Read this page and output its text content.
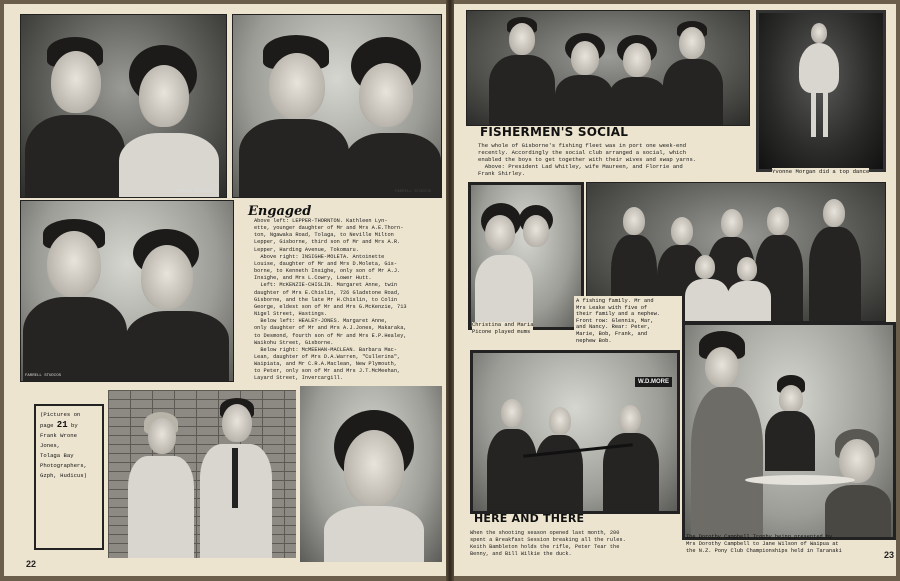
FARRELL STUDIOS	FARRELL STUDIOS
FARRELL STUDIOS
Engaged
Above left: LEPPER-THORNTON. Kathleen Lyn-
ette, younger daughter of Mr and Mrs A.E.Thorn-
ton, Ngawaka Road, Tolaga, to Neville Milton
Lepper, Gisborne, third son of Mr and Mrs A.R.
Lepper, Harding Avenue, Tokomaru.
Above right: INSIGHE-MOLETA. Antoinette
Louise, daughter of Mr and Mrs D.Moleta, Gis-
borne, to Kenneth Insighe, only son of Mr A.J.
Insighe, and Mrs L.Cowry, Lower Hutt.
Left: McKENZIE-CHISLIN. Margaret Anne, twin
daughter of Mrs E.Chislin, 726 Gladstone Road,
Gisborne, and the late Mr H.Chislin, to Colin
George, eldest son of Mr and Mrs G.McKenzie, 713
Nigel Street, Hastings.
Below left: HEALEY-JONES. Margaret Anne,
only daughter of Mr and Mrs A.J.Jones, Makaraka,
to Desmond, fourth son of Mr and Mrs E.P.Healey,
Waikohu Street, Gisborne.
Below right: McMEEHAN-MACLEAN. Barbara Mac-
Lean, daughter of Mrs D.A.Warren, "Cullerina",
Waipiata, and Mr C.R.A.Maclean, New Plymouth,
to Peter, only son of Mr and Mrs J.T.McMeehan,
Layard Street, Invercargill.
(Pictures on
page 21 by
Frank Wrone Jones,
Tolaga Bay
Photographers,
Gzph, Hudicus)
22
FISHERMEN'S SOCIAL
The whole of Gisborne's fishing fleet was in port one week-end
recently. Accordingly the social club arranged a social, which
enabled the boys to get together with their wives and swap yarns.
Above: President Lad Whitley, wife Maureen, and Florrie and
Frank Shirley.	Yvonne Morgan did a top dance
Christina and Maria
Picone played mums
A fishing family. Mr and
Mrs Leake with five of
their family and a nephew.
Front row: Glennis, Mar,
and Nancy. Rear: Peter,
Marie, Bob, Frank, and
nephew Bob.
W.D.MORE
HERE AND THERE
When the shooting season opened last month, 200
spent a Breakfast Session breaking all the rules.
Keith Bambleton holds the rifle, Peter Tear the
Benny, and Bill Wilkie the duck.
The Dorothy Campbell Trophy being presented by
Mrs Dorothy Campbell to Jane Wilson of Waipua at
the N.Z. Pony Club Championships held in Taranaki	23
